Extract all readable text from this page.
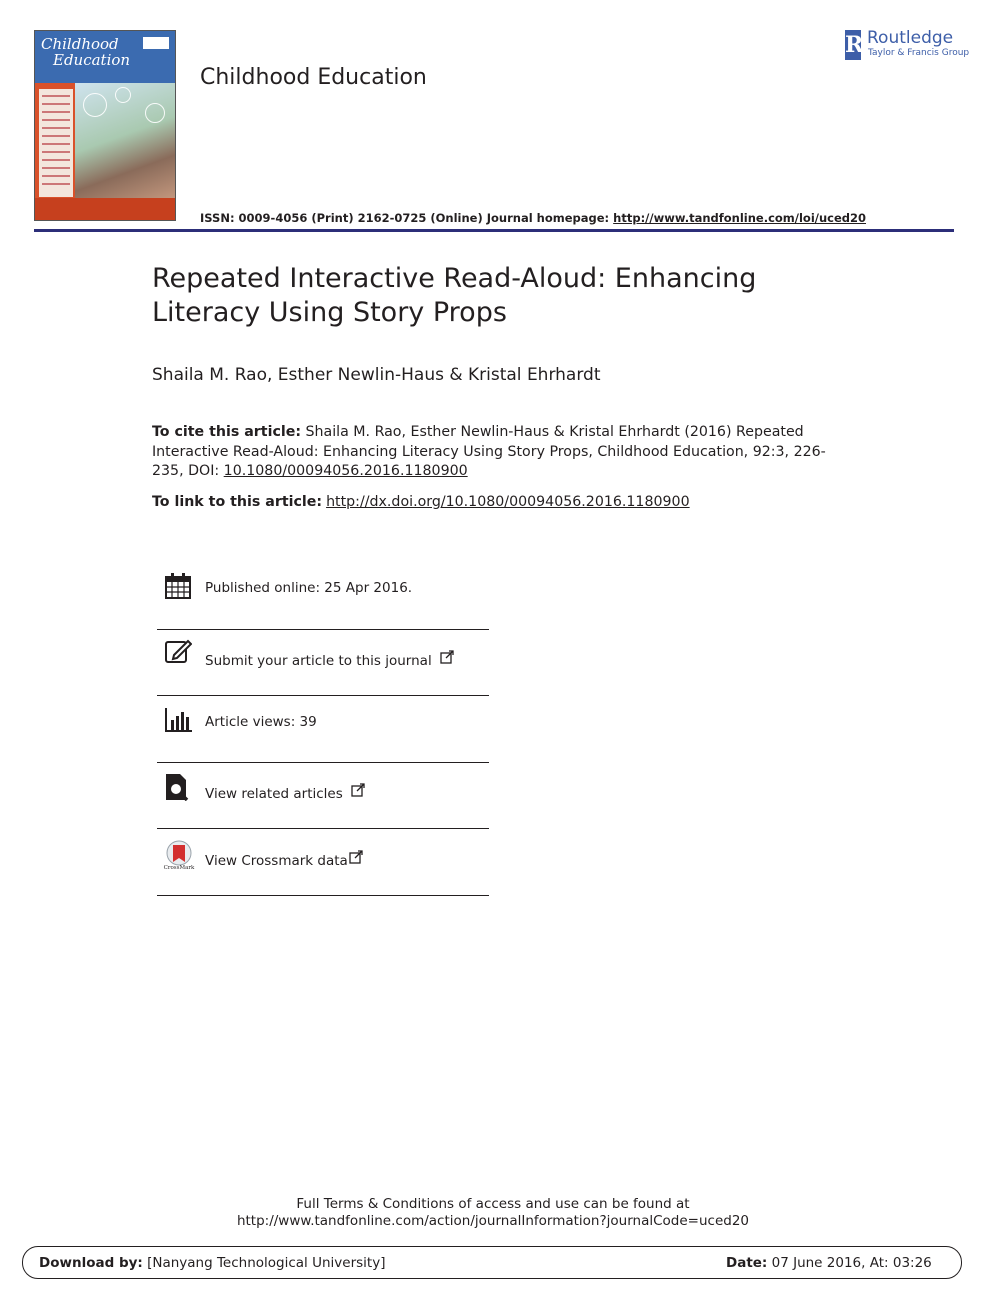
Childhood
Education
Childhood Education
R Routledge
Taylor & Francis Group
ISSN: 0009-4056 (Print) 2162-0725 (Online) Journal homepage: http://www.tandfonline.com/loi/uced20
Repeated Interactive Read-Aloud: Enhancing Literacy Using Story Props
Shaila M. Rao, Esther Newlin-Haus & Kristal Ehrhardt
To cite this article: Shaila M. Rao, Esther Newlin-Haus & Kristal Ehrhardt (2016) Repeated Interactive Read-Aloud: Enhancing Literacy Using Story Props, Childhood Education, 92:3, 226-235, DOI: 10.1080/00094056.2016.1180900
To link to this article: http://dx.doi.org/10.1080/00094056.2016.1180900
Published online: 25 Apr 2016.
Submit your article to this journal
Article views: 39
View related articles
CrossMark View Crossmark data
Full Terms & Conditions of access and use can be found at
http://www.tandfonline.com/action/journalInformation?journalCode=uced20
Download by: [Nanyang Technological University]	Date: 07 June 2016, At: 03:26
